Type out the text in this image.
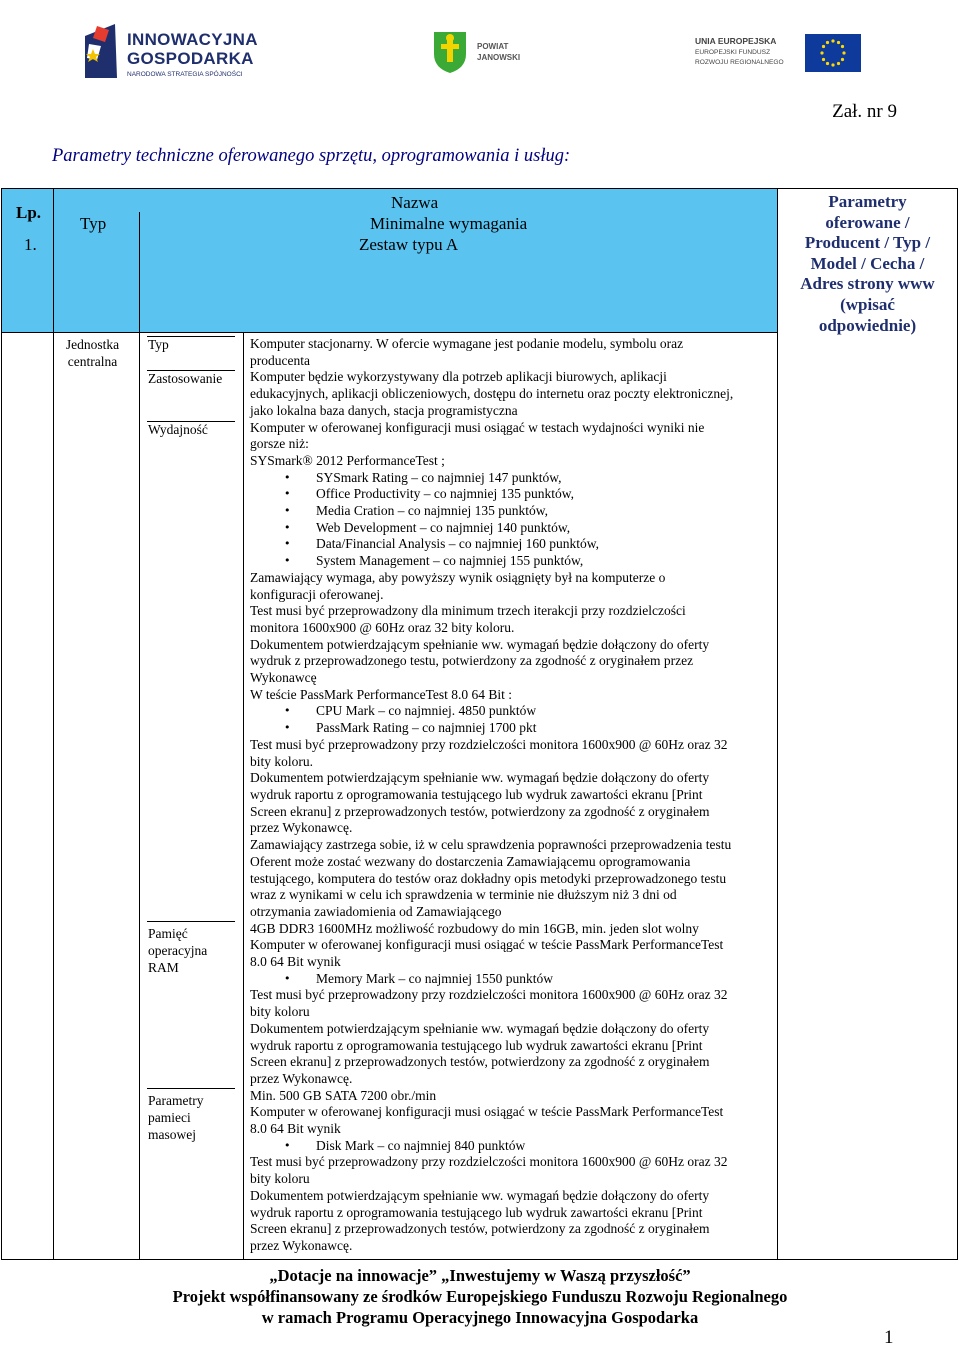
INNOWACYJNA
GOSPODARKA
NARODOWA STRATEGIA SPÓJNOŚCI
POWIAT
JANOWSKI
UNIA EUROPEJSKA
EUROPEJSKI FUNDUSZ
ROZWOJU REGIONALNEGO
Zał. nr 9
Parametry techniczne oferowanego sprzętu, oprogramowania i usług:
Lp.
Typ
Nazwa
Minimalne wymagania
1.	Zestaw typu A
Parametry
oferowane /
Producent / Typ /
Model / Cecha /
Adres strony www
(wpisać
odpowiednie)
Jednostka
centralna
Typ
Zastosowanie
Wydajność
Pamięć
operacyjna
RAM
Parametry
pamieci
masowej

Komputer stacjonarny. W ofercie wymagane jest podanie modelu, symbolu oraz

producenta

Komputer będzie wykorzystywany dla potrzeb aplikacji biurowych, aplikacji

edukacyjnych, aplikacji obliczeniowych, dostępu do internetu oraz poczty elektronicznej,

jako lokalna baza danych, stacja programistyczna

Komputer w oferowanej konfiguracji musi osiągać w testach wydajności wyniki nie

gorsze niż:

SYSmark® 2012 PerformanceTest ;

• SYSmark Rating – co najmniej 147 punktów,

• Office Productivity – co najmniej 135 punktów,

• Media Cration – co najmniej 135 punktów,

• Web Development – co najmniej 140 punktów,

• Data/Financial Analysis – co najmniej 160 punktów,

• System Management – co najmniej 155 punktów,

Zamawiający wymaga, aby powyższy wynik osiągnięty był na komputerze o

konfiguracji oferowanej.

Test musi być przeprowadzony dla minimum trzech iterakcji przy rozdzielczości

monitora 1600x900 @ 60Hz oraz 32 bity koloru.

Dokumentem potwierdzającym spełnianie ww. wymagań będzie dołączony do oferty

wydruk z przeprowadzonego testu, potwierdzony za zgodność z oryginałem przez

Wykonawcę

W teście PassMark PerformanceTest 8.0 64 Bit :

• CPU Mark – co najmniej. 4850 punktów

• PassMark Rating – co najmniej 1700 pkt

Test musi być przeprowadzony przy rozdzielczości monitora 1600x900 @ 60Hz oraz 32

bity koloru.

Dokumentem potwierdzającym spełnianie ww. wymagań będzie dołączony do oferty

wydruk raportu z oprogramowania testującego lub wydruk zawartości ekranu [Print

Screen ekranu] z przeprowadzonych testów, potwierdzony za zgodność z oryginałem

przez Wykonawcę.

Zamawiający zastrzega sobie, iż w celu sprawdzenia poprawności przeprowadzenia testu

Oferent może zostać wezwany do dostarczenia Zamawiającemu oprogramowania

testującego, komputera do testów oraz dokładny opis metodyki przeprowadzonego testu

wraz z wynikami w celu ich sprawdzenia w terminie nie dłuższym niż 3 dni od

otrzymania zawiadomienia od Zamawiającego

4GB DDR3 1600MHz możliwość rozbudowy do min 16GB, min. jeden slot wolny

Komputer w oferowanej konfiguracji musi osiągać w teście PassMark PerformanceTest

8.0 64 Bit wynik

• Memory Mark – co najmniej 1550 punktów

Test musi być przeprowadzony przy rozdzielczości monitora 1600x900 @ 60Hz oraz 32

bity koloru

Dokumentem potwierdzającym spełnianie ww. wymagań będzie dołączony do oferty

wydruk raportu z oprogramowania testującego lub wydruk zawartości ekranu [Print

Screen ekranu] z przeprowadzonych testów, potwierdzony za zgodność z oryginałem

przez Wykonawcę.

Min. 500 GB SATA 7200 obr./min

Komputer w oferowanej konfiguracji musi osiągać w teście PassMark PerformanceTest

8.0 64 Bit wynik

• Disk Mark – co najmniej 840 punktów

Test musi być przeprowadzony przy rozdzielczości monitora 1600x900 @ 60Hz oraz 32

bity koloru

Dokumentem potwierdzającym spełnianie ww. wymagań będzie dołączony do oferty

wydruk raportu z oprogramowania testującego lub wydruk zawartości ekranu [Print

Screen ekranu] z przeprowadzonych testów, potwierdzony za zgodność z oryginałem

przez Wykonawcę.

„Dotacje na innowacje” „Inwestujemy w Waszą przyszłość”
Projekt współfinansowany ze środków Europejskiego Funduszu Rozwoju Regionalnego
w ramach Programu Operacyjnego Innowacyjna Gospodarka
1
